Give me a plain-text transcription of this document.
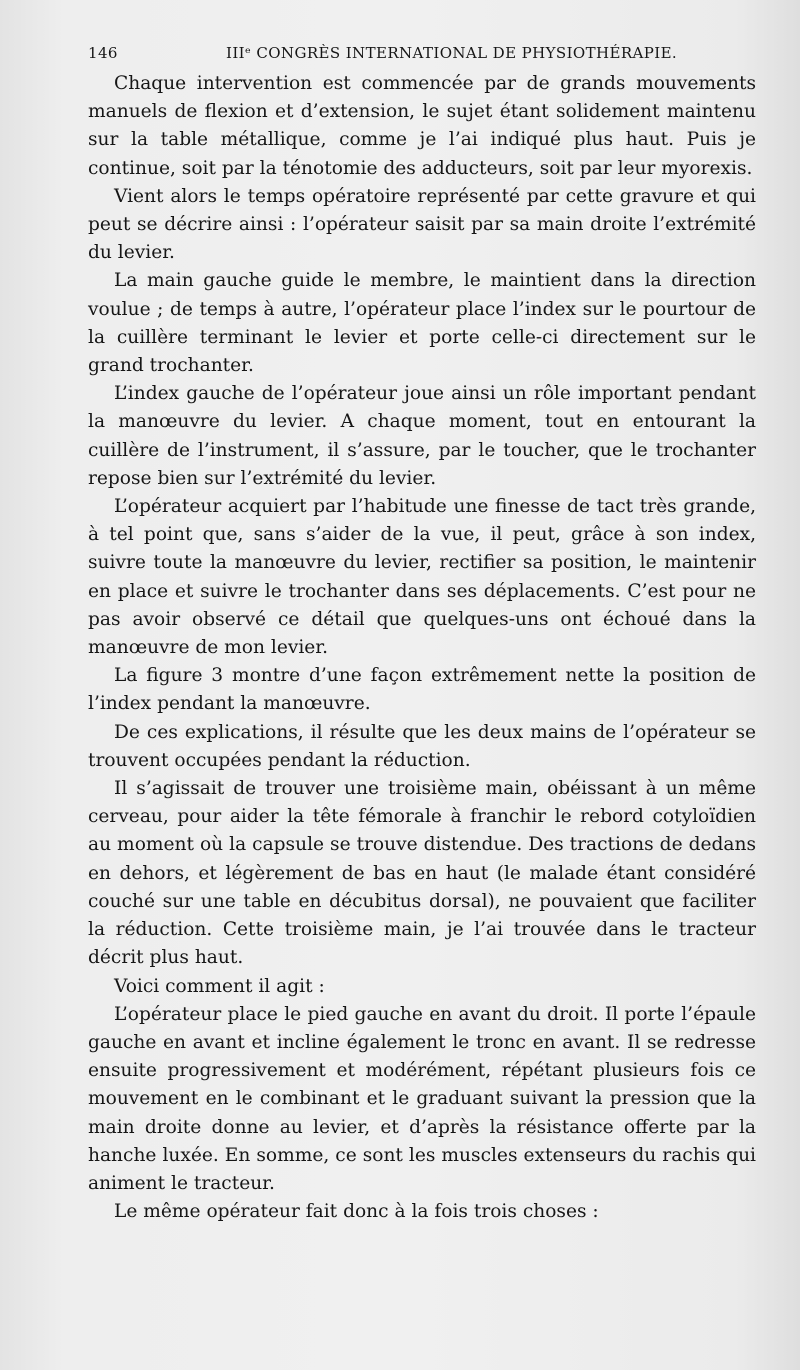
146	IIIᵉ CONGRÈS INTERNATIONAL DE PHYSIOTHÉRAPIE.

Chaque intervention est commencée par de grands mouvements manuels de flexion et d’extension, le sujet étant solidement maintenu sur la table métallique, comme je l’ai indiqué plus haut. Puis je continue, soit par la ténotomie des adducteurs, soit par leur myorexis.

Vient alors le temps opératoire représenté par cette gravure et qui peut se décrire ainsi : l’opérateur saisit par sa main droite l’extrémité du levier.

La main gauche guide le membre, le maintient dans la direction voulue ; de temps à autre, l’opérateur place l’index sur le pourtour de la cuillère terminant le levier et porte celle-ci directement sur le grand trochanter.

L’index gauche de l’opérateur joue ainsi un rôle important pendant la manœuvre du levier. A chaque moment, tout en entourant la cuillère de l’instrument, il s’assure, par le toucher, que le trochanter repose bien sur l’extrémité du levier.

L’opérateur acquiert par l’habitude une finesse de tact très grande, à tel point que, sans s’aider de la vue, il peut, grâce à son index, suivre toute la manœuvre du levier, rectifier sa position, le maintenir en place et suivre le trochanter dans ses déplacements. C’est pour ne pas avoir observé ce détail que quelques-uns ont échoué dans la manœuvre de mon levier.

La figure 3 montre d’une façon extrêmement nette la position de l’index pendant la manœuvre.

De ces explications, il résulte que les deux mains de l’opérateur se trouvent occupées pendant la réduction.

Il s’agissait de trouver une troisième main, obéissant à un même cerveau, pour aider la tête fémorale à franchir le rebord cotyloïdien au moment où la capsule se trouve distendue. Des tractions de dedans en dehors, et légèrement de bas en haut (le malade étant considéré couché sur une table en décubitus dorsal), ne pouvaient que faciliter la réduction. Cette troisième main, je l’ai trouvée dans le tracteur décrit plus haut.

Voici comment il agit :

L’opérateur place le pied gauche en avant du droit. Il porte l’épaule gauche en avant et incline également le tronc en avant. Il se redresse ensuite progressivement et modérément, répétant plusieurs fois ce mouvement en le combinant et le graduant suivant la pression que la main droite donne au levier, et d’après la résistance offerte par la hanche luxée. En somme, ce sont les muscles extenseurs du rachis qui animent le tracteur.

Le même opérateur fait donc à la fois trois choses :
